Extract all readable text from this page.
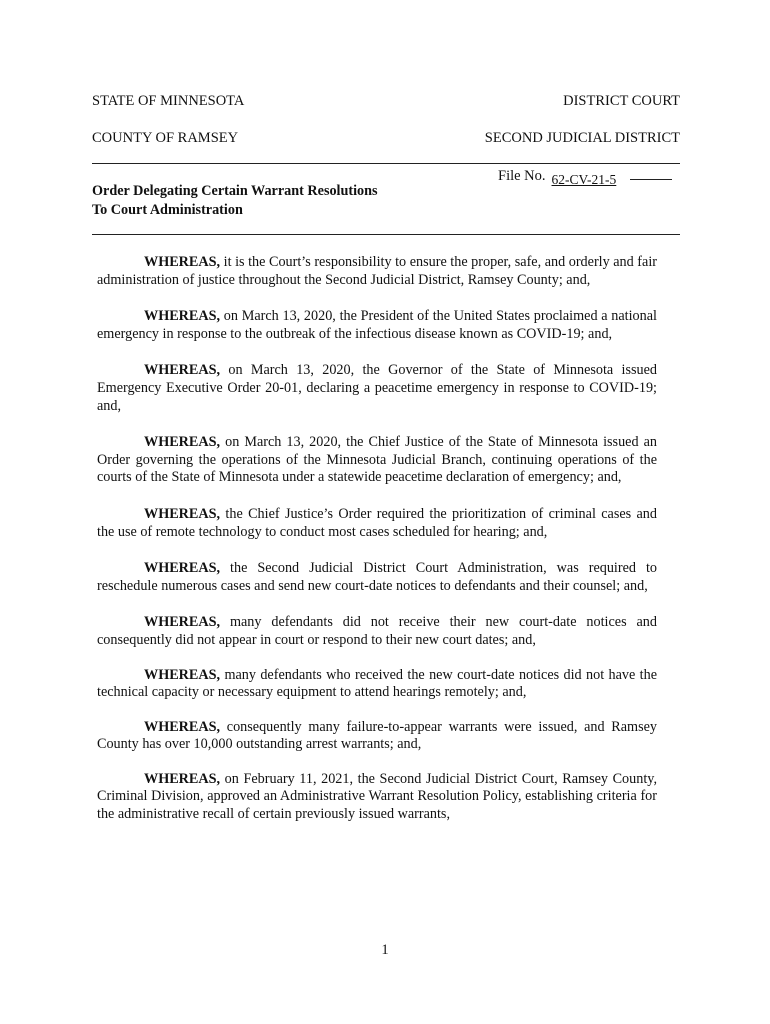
STATE OF MINNESOTA	DISTRICT COURT
COUNTY OF RAMSEY	SECOND JUDICIAL DISTRICT
File No. 62-CV-21-5
Order Delegating Certain Warrant Resolutions
To Court Administration

WHEREAS, it is the Court’s responsibility to ensure the proper, safe, and orderly and fair administration of justice throughout the Second Judicial District, Ramsey County; and,

WHEREAS, on March 13, 2020, the President of the United States proclaimed a national emergency in response to the outbreak of the infectious disease known as COVID-19; and,

WHEREAS, on March 13, 2020, the Governor of the State of Minnesota issued Emergency Executive Order 20-01, declaring a peacetime emergency in response to COVID-19; and,

WHEREAS, on March 13, 2020, the Chief Justice of the State of Minnesota issued an Order governing the operations of the Minnesota Judicial Branch, continuing operations of the courts of the State of Minnesota under a statewide peacetime declaration of emergency; and,

WHEREAS, the Chief Justice’s Order required the prioritization of criminal cases and the use of remote technology to conduct most cases scheduled for hearing; and,

WHEREAS, the Second Judicial District Court Administration, was required to reschedule numerous cases and send new court-date notices to defendants and their counsel; and,

WHEREAS, many defendants did not receive their new court-date notices and consequently did not appear in court or respond to their new court dates; and,

WHEREAS, many defendants who received the new court-date notices did not have the technical capacity or necessary equipment to attend hearings remotely; and,

WHEREAS, consequently many failure-to-appear warrants were issued, and Ramsey County has over 10,000 outstanding arrest warrants; and,

WHEREAS, on February 11, 2021, the Second Judicial District Court, Ramsey County, Criminal Division, approved an Administrative Warrant Resolution Policy, establishing criteria for the administrative recall of certain previously issued warrants,

1
